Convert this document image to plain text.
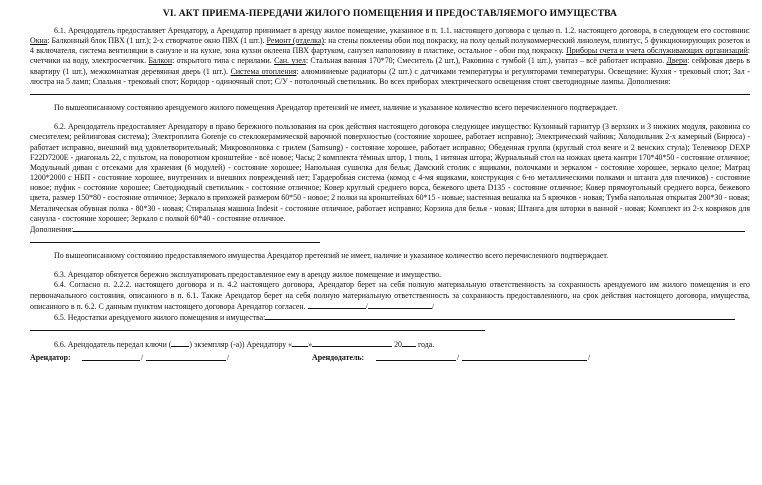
VI. АКТ ПРИЕМА-ПЕРЕДАЧИ ЖИЛОГО ПОМЕЩЕНИЯ И ПРЕДОСТАВЛЯЕМОГО ИМУЩЕСТВА

6.1. Арендодатель предоставляет Арендатору, а Арендатор принимает в аренду жилое помещение, указанное в п. 1.1. настоящего договора с целью п. 1.2. настоящего договора, в следующем его состоянии: Окна: Балконный блок ПВХ (1 шт.); 2-х створчатое окно ПВХ (1 шт.). Ремонт (отделка): на стены поклеены обои под покраску, на полу целый полукоммерческий линолеум, плинтус, 5 функционирующих розеток и 4 включателя, система вентиляции в санузле и на кухне, зона кухни оклеена ПВХ фартуком, санузел наполовину в пластике, остальное - обои под покраску. Приборы счета и учета обслуживающих организаций: счетчики на воду, электросчетчик. Балкон: открытого типа с перилами. Сан. узел: Стальная ванная 170*70; Смеситель (2 шт.), Раковина с тумбой (1 шт.), унитаз – всё работает исправно. Двери: сейфовая дверь в квартиру (1 шт.), межкомнатная деревянная дверь (1 шт.). Система отопления: алюминиевые радиаторы (2 шт.) с датчиками температуры и регуляторами температуры. Освещение: Кухня - трековый спот; Зал - люстра на 5 ламп; Спальня - трековый спот; Коридор - одиночный спот; С/У - потолочный светильник. Во всех приборах электрического освещения стоят светодиодные лампы. Дополнения:

По вышеописанному состоянию арендуемого жилого помещения Арендатор претензий не имеет, наличие и указанное количество всего перечисленного подтверждает.

6.2. Арендодатель предоставляет Арендатору в право бережного пользования на срок действия настоящего договора следующее имущество: Кухонный гарнитур (3 верхних и 3 нижних модуля, раковина со смесителем; рейлинговая система); Электроплита Gorenje со стеклокерамической варочной поверхностью (состояние хорошее, работает исправно); Электрический чайник; Холодильник 2-х камерный (Бирюса) - работает исправно, внешний вид удовлетворительный; Микроволновка с грилем (Samsung) - состояние хорошее, работает исправно; Обеденная группа (круглый стол венге и 2 венских стула); Телевизор DEXP F22D7200E - диагональ 22, с пультом, на поворотном кронштейне - всё новое; Часы; 2 комплекта тёмных штор, 1 тюль, 1 нитяная штора; Журнальный стол на ножках цвета кантри 170*40*50 - состояние отличное; Модульный диван с отсеками для хранения (6 модулей) - состояние хорошее; Напольная сушилка для белья; Дамский столик с ящиками, полочками и зеркалом - состояние хорошее, зеркало целое; Матрац 1200*2000 с НБП - состояние хорошее, внутренних и внешних повреждений нет; Гардеробная система (комод с 4-мя ящиками, конструкция с 6-ю металлическими полками и штанга для плечиков) - состояние новое; пуфик - состояние хорошее; Светодиодный светильник - состояние отличное; Ковер круглый среднего ворса, бежевого цвета D135 - состояние отличное; Ковер прямоугольный среднего ворса, бежевого цвета, размер 150*80 - состояние отличное; Зеркало в прихожей размером 60*50 - новое; 2 полки на кронштейнах 60*15 - новые; настенная вешалка на 5 крючков - новая; Тумба напольная открытая 200*30 - новая; Металическая обувная полка - 80*30 - новая; Стиральная машина Indesit - состояние отличное, работает исправно; Корзина для белья - новая; Штанга для шторки в ванной - новая; Комплект из 2-х ковриков для санузла - состояние хорошее; Зеркало с полкой 60*40 - состояние отличное.

Дополнения:

По вышеописанному состоянию предоставляемого имущества Арендатор претензий не имеет, наличие и указанное количество всего перечисленного подтверждает.

6.3. Арендатор обязуется бережно эксплуатировать предоставленное ему в аренду жилое помещение и имущество.

6.4. Согласно п. 2.2.2. настоящего договора и п. 4.2 настоящего договора, Арендатор берет на себя полную материальную ответственность за сохранность арендуемого им жилого помещения и его первоначального состояния, описанного в п. 6.1. Также Арендатор берет на себя полную материальную ответственность за сохранность предоставленного, на срок действия настоящего договора, имущества, описанного в п. 6.2. С данным пунктом настоящего договора Арендатор согласен.	/	/

6.5. Недостатки арендуемого жилого помещения и имущества:

6.6. Арендодатель передал ключи ( ) экземпляр (-а)) Арендатору « »	20 года.

Арендатор:	/	/	Арендодатель:	/	/
